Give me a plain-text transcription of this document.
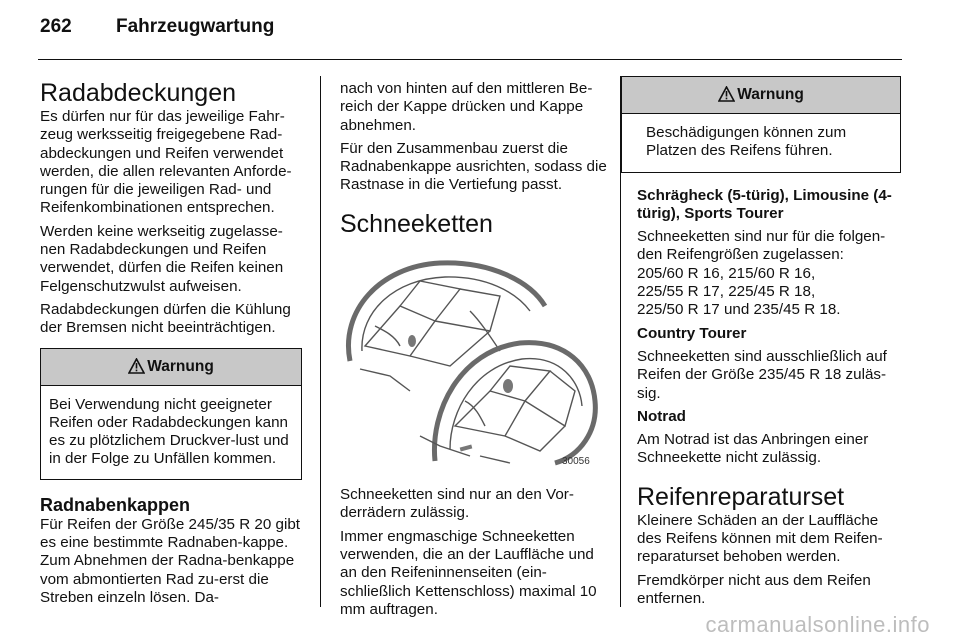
262 Fahrzeugwartung
Radabdeckungen

Es dürfen nur für das jeweilige Fahr-zeug werksseitig freigegebene Rad-abdeckungen und Reifen verwendet werden, die allen relevanten Anforde-rungen für die jeweiligen Rad- und Reifenkombinationen entsprechen.

Werden keine werkseitig zugelasse-nen Radabdeckungen und Reifen verwendet, dürfen die Reifen keinen Felgenschutzwulst aufweisen.

Radabdeckungen dürfen die Kühlung der Bremsen nicht beeinträchtigen.

Warnung
Bei Verwendung nicht geeigneter Reifen oder Radabdeckungen kann es zu plötzlichem Druckver-lust und in der Folge zu Unfällen kommen.
Radnabenkappen

Für Reifen der Größe 245/35 R 20 gibt es eine bestimmte Radnaben-kappe. Zum Abnehmen der Radna-benkappe vom abmontierten Rad zu-erst die Streben einzeln lösen. Da-

nach von hinten auf den mittleren Be-reich der Kappe drücken und Kappe abnehmen.

Für den Zusammenbau zuerst die Radnabenkappe ausrichten, sodass die Rastnase in die Vertiefung passt.

Schneeketten
30056

Schneeketten sind nur an den Vor-derrädern zulässig.

Immer engmaschige Schneeketten verwenden, die an der Lauffläche und an den Reifeninnenseiten (ein-schließlich Kettenschloss) maximal 10 mm auftragen.

Warnung
Beschädigungen können zum Platzen des Reifens führen.

Schrägheck (5-türig), Limousine (4-türig), Sports Tourer

Schneeketten sind nur für die folgen-den Reifengrößen zugelassen:

205/60 R 16, 215/60 R 16,
225/55 R 17, 225/45 R 18,
225/50 R 17 und 235/45 R 18.

Country Tourer

Schneeketten sind ausschließlich auf Reifen der Größe 235/45 R 18 zuläs-sig.

Notrad

Am Notrad ist das Anbringen einer Schneekette nicht zulässig.

Reifenreparaturset

Kleinere Schäden an der Lauffläche des Reifens können mit dem Reifen-reparaturset behoben werden.

Fremdkörper nicht aus dem Reifen entfernen.

carmanualsonline.info
